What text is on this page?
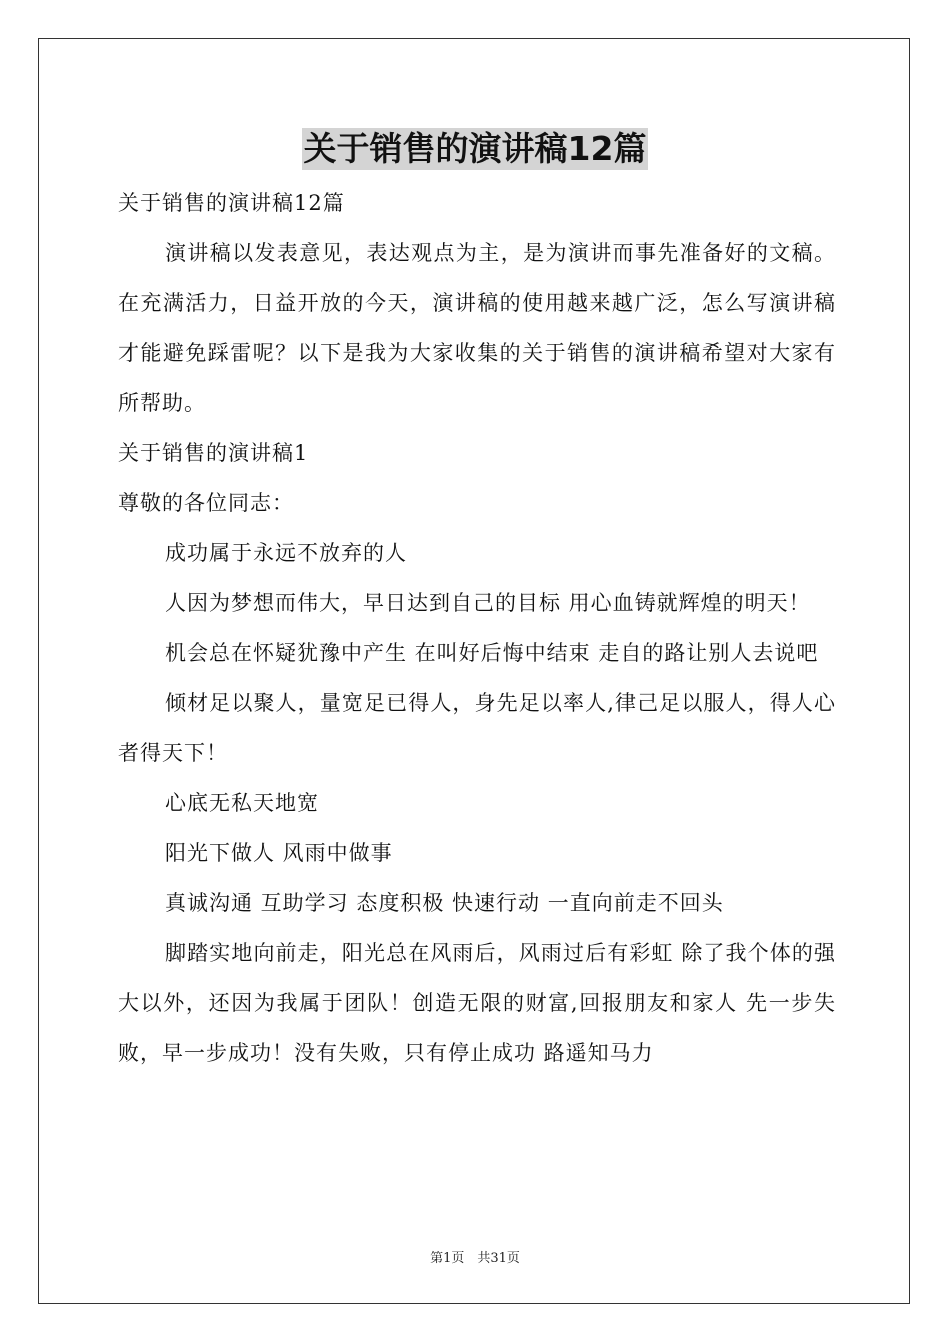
关于销售的演讲稿12篇

关于销售的演讲稿12篇

演讲稿以发表意见，表达观点为主，是为演讲而事先准备好的文稿。在充满活力，日益开放的今天，演讲稿的使用越来越广泛，怎么写演讲稿才能避免踩雷呢？以下是我为大家收集的关于销售的演讲稿希望对大家有所帮助。

关于销售的演讲稿1

尊敬的各位同志：

成功属于永远不放弃的人

人因为梦想而伟大，早日达到自己的目标 用心血铸就辉煌的明天！

机会总在怀疑犹豫中产生 在叫好后悔中结束 走自的路让别人去说吧

倾材足以聚人，量宽足已得人，身先足以率人,律己足以服人，得人心者得天下！

心底无私天地宽

阳光下做人 风雨中做事

真诚沟通 互助学习 态度积极 快速行动 一直向前走不回头

脚踏实地向前走，阳光总在风雨后，风雨过后有彩虹 除了我个体的强大以外，还因为我属于团队！创造无限的财富,回报朋友和家人 先一步失败，早一步成功！没有失败，只有停止成功 路遥知马力

第1页　共31页
